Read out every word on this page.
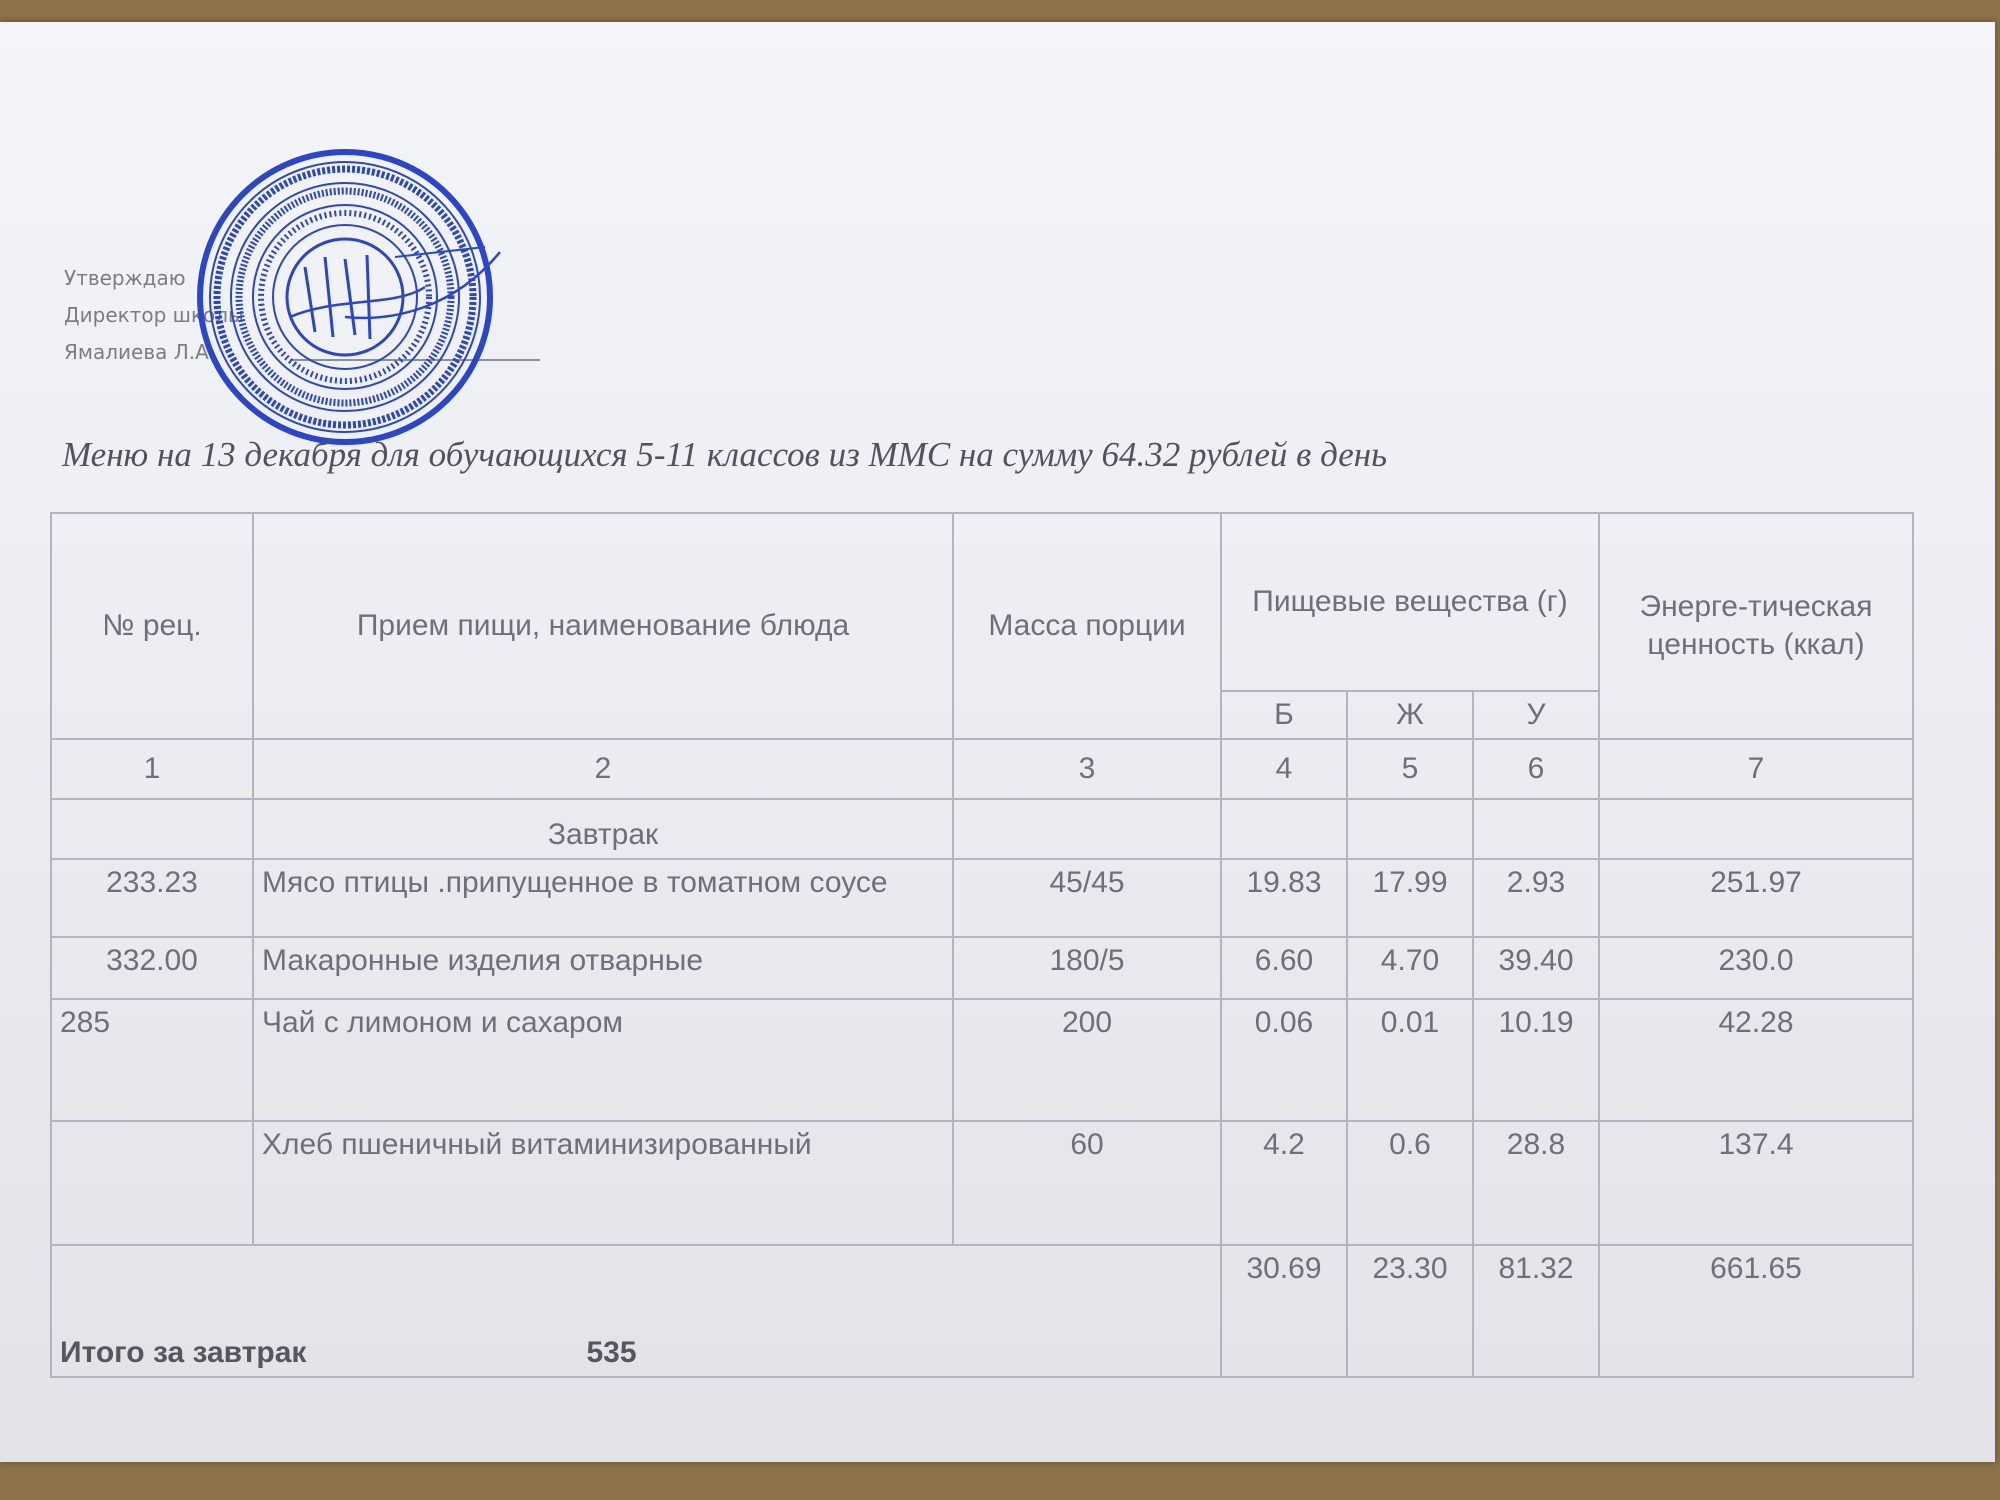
Утверждаю
Директор школы
Ямалиева Л.А.
Меню на 13 декабря для обучающихся 5-11 классов из ММС на сумму 64.32 рублей в день
№ рец.	Прием пищи, наименование блюда	Масса порции	Пищевые вещества (г)			Энерге-тическая ценность (ккал)
			Б	Ж	У	
1	2	3	4	5	6	7
	Завтрак					
233.23	Мясо птицы .припущенное в томатном соусе	45/45	19.83	17.99	2.93	251.97
332.00	Макаронные изделия отварные	180/5	6.60	4.70	39.40	230.0
285	Чай с лимоном и сахаром	200	0.06	0.01	10.19	42.28
	Хлеб пшеничный витаминизированный	60	4.2	0.6	28.8	137.4
Итого за завтрак 535			30.69	23.30	81.32	661.65
